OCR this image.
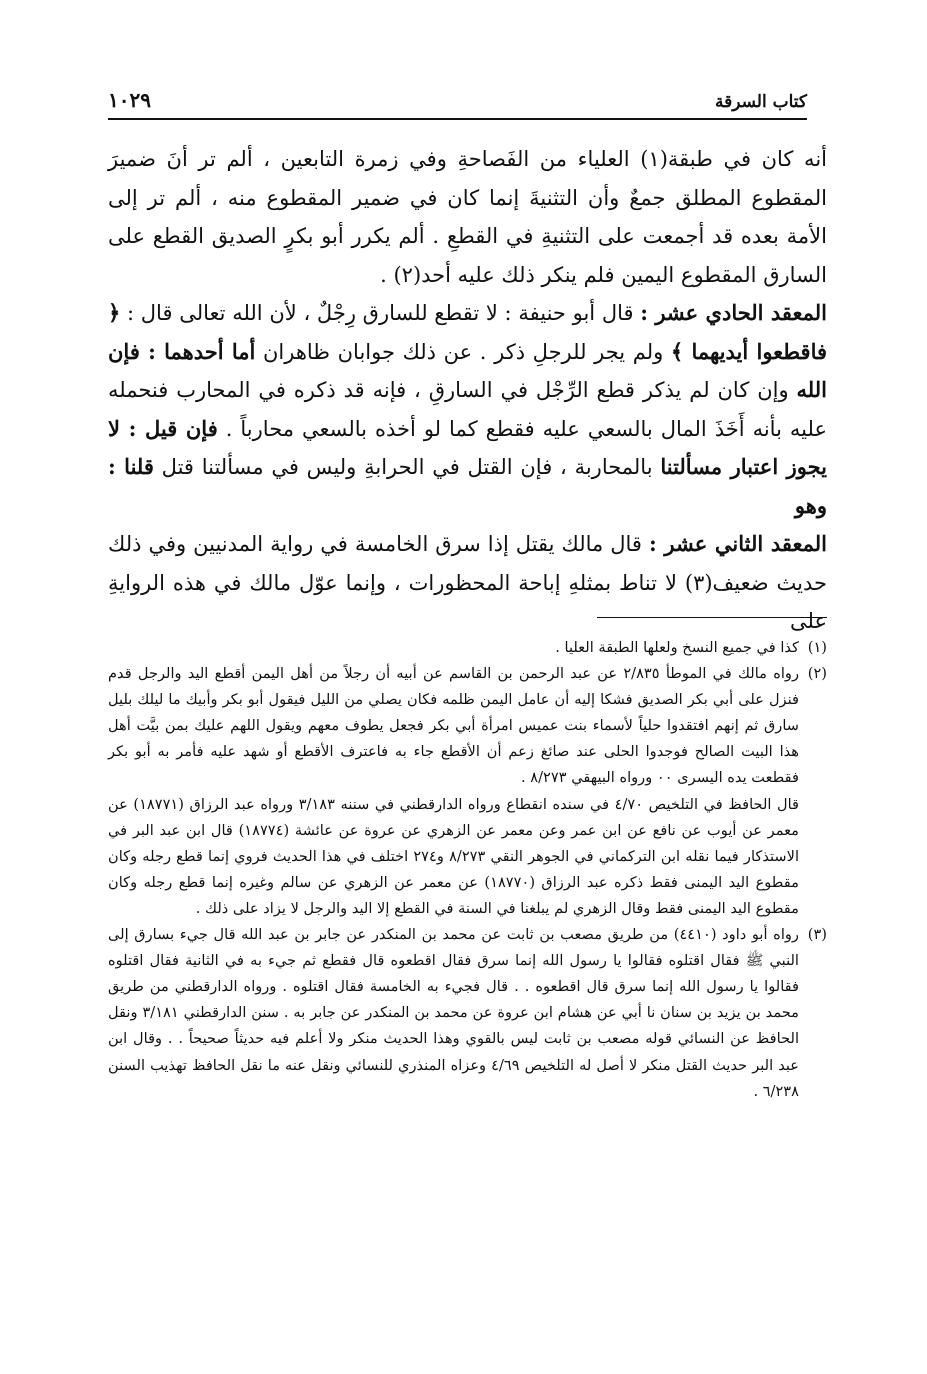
كتاب السرقة
١٠٢٩

أنه كان في طبقة(١) العلياء من الفَصاحةِ وفي زمرة التابعين ، ألم تر أنَ ضميرَ المقطوع المطلق جمعٌ وأن التثنيةَ إنما كان في ضمير المقطوع منه ، ألم تر إلى الأمة بعده قد أجمعت على التثنيةِ في القطعِ . ألم يكرر أبو بكرٍ الصديق القطع على السارق المقطوع اليمين فلم ينكر ذلك عليه أحد(٢) .

المعقد الحادي عشر : قال أبو حنيفة : لا تقطع للسارق رِجْلٌ ، لأن الله تعالى قال : ﴿ فاقطعوا أيديهما ﴾ ولم يجر للرجلِ ذكر . عن ذلك جوابان ظاهران أما أحدهما : فإن الله وإن كان لم يذكر قطع الرِّجْل في السارقِ ، فإنه قد ذكره في المحارب فنحمله عليه بأنه أَخَذَ المال بالسعي عليه فقطع كما لو أخذه بالسعي محارباً . فإن قيل : لا يجوز اعتبار مسألتنا بالمحاربة ، فإن القتل في الحرابةِ وليس في مسألتنا قتل قلنا : وهو

المعقد الثاني عشر : قال مالك يقتل إذا سرق الخامسة في رواية المدنيين وفي ذلك حديث ضعيف(٣) لا تناط بمثلهِ إباحة المحظورات ، وإنما عوّل مالك في هذه الروايةِ على

(١)

كذا في جميع النسخ ولعلها الطبقة العليا .

(٢)

رواه مالك في الموطأ ٢/٨٣٥ عن عبد الرحمن بن القاسم عن أبيه أن رجلاً من أهل اليمن أقطع اليد والرجل قدم فنزل على أبي بكر الصديق فشكا إليه أن عامل اليمن ظلمه فكان يصلي من الليل فيقول أبو بكر وأبيك ما ليلك بليل سارق ثم إنهم افتقدوا حلياً لأسماء بنت عميس امرأة أبي بكر فجعل يطوف معهم ويقول اللهم عليك بمن بيَّت أهل هذا البيت الصالح فوجدوا الحلى عند صائغ زعم أن الأقطع جاء به فاعترف الأقطع أو شهد عليه فأمر به أبو بكر فقطعت يده اليسرى ٠٠ ورواه البيهقي ٨/٢٧٣ .

قال الحافظ في التلخيص ٤/٧٠ في سنده انقطاع ورواه الدارقطني في سننه ٣/١٨٣ ورواه عبد الرزاق (١٨٧٧١) عن معمر عن أيوب عن نافع عن ابن عمر وعن معمر عن الزهري عن عروة عن عائشة (١٨٧٧٤) قال ابن عبد البر في الاستذكار فيما نقله ابن التركماني في الجوهر النقي ٨/٢٧٣ و٢٧٤ اختلف في هذا الحديث فروي إنما قطع رجله وكان مقطوع اليد اليمنى فقط ذكره عبد الرزاق (١٨٧٧٠) عن معمر عن الزهري عن سالم وغيره إنما قطع رجله وكان مقطوع اليد اليمنى فقط وقال الزهري لم يبلغنا في السنة في القطع إلا اليد والرجل لا يزاد على ذلك .

(٣)

رواه أبو داود (٤٤١٠) من طريق مصعب بن ثابت عن محمد بن المنكدر عن جابر بن عبد الله قال جيء بسارق إلى النبي ﷺ فقال اقتلوه فقالوا يا رسول الله إنما سرق فقال اقطعوه قال فقطع ثم جيء به في الثانية فقال اقتلوه فقالوا يا رسول الله إنما سرق قال اقطعوه . . قال فجيء به الخامسة فقال اقتلوه . ورواه الدارقطني من طريق محمد بن يزيد بن سنان نا أبي عن هشام ابن عروة عن محمد بن المنكدر عن جابر به . سنن الدارقطني ٣/١٨١ ونقل الحافظ عن النسائي قوله مصعب بن ثابت ليس بالقوي وهذا الحديث منكر ولا أعلم فيه حديثاً صحيحاً . . وقال ابن عبد البر حديث القتل منكر لا أصل له التلخيص ٤/٦٩ وعزاه المنذري للنسائي ونقل عنه ما نقل الحافظ تهذيب السنن ٦/٢٣٨ .
